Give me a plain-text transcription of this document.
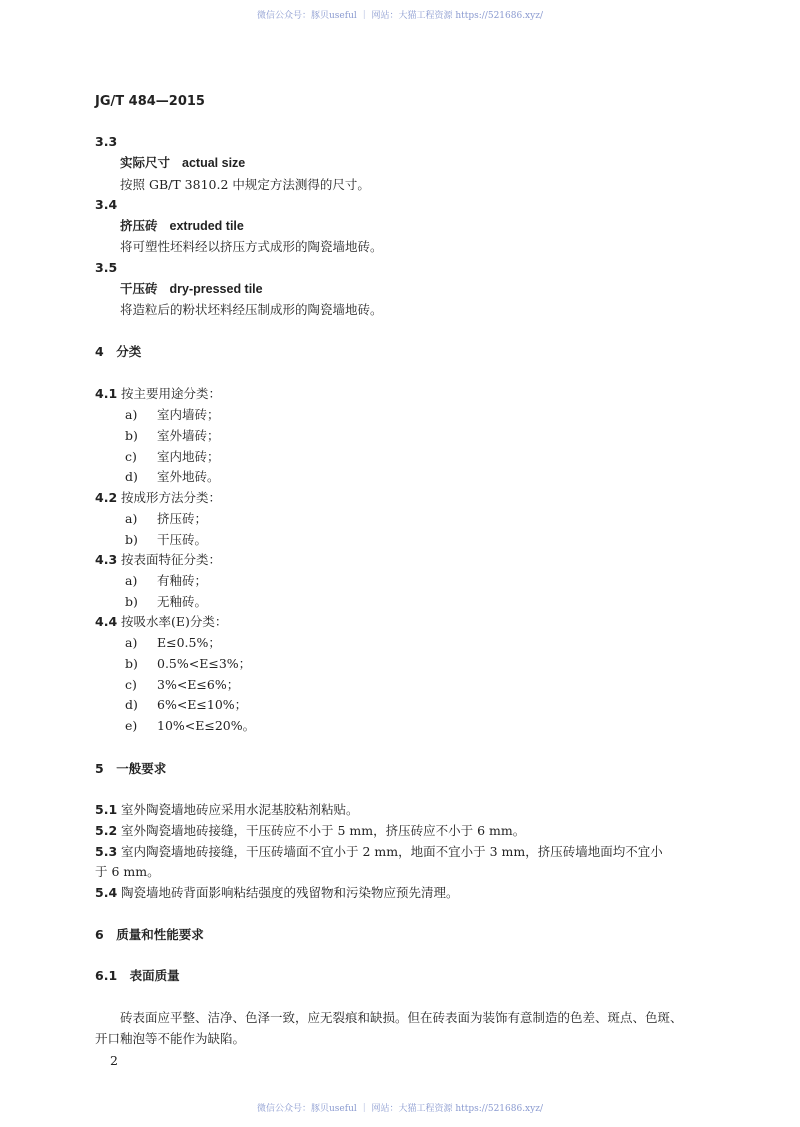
微信公众号：豚贝useful ｜ 网站：大猫工程资源 https://521686.xyz/
JG/T 484—2015
3.3
实际尺寸 actual size
按照 GB/T 3810.2 中规定方法测得的尺寸。
3.4
挤压砖 extruded tile
将可塑性坯料经以挤压方式成形的陶瓷墙地砖。
3.5
干压砖 dry-pressed tile
将造粒后的粉状坯料经压制成形的陶瓷墙地砖。
4　分类
4.1 按主要用途分类：
a) 室内墙砖；
b) 室外墙砖；
c) 室内地砖；
d) 室外地砖。
4.2 按成形方法分类：
a) 挤压砖；
b) 干压砖。
4.3 按表面特征分类：
a) 有釉砖；
b) 无釉砖。
4.4 按吸水率(E)分类：
a) E≤0.5%；
b) 0.5%<E≤3%；
c) 3%<E≤6%；
d) 6%<E≤10%；
e) 10%<E≤20%。
5　一般要求
5.1 室外陶瓷墙地砖应采用水泥基胶粘剂粘贴。
5.2 室外陶瓷墙地砖接缝，干压砖应不小于 5 mm，挤压砖应不小于 6 mm。
5.3 室内陶瓷墙地砖接缝，干压砖墙面不宜小于 2 mm，地面不宜小于 3 mm，挤压砖墙地面均不宜小
于 6 mm。
5.4 陶瓷墙地砖背面影响粘结强度的残留物和污染物应预先清理。
6　质量和性能要求
6.1　表面质量
砖表面应平整、洁净、色泽一致，应无裂痕和缺损。但在砖表面为装饰有意制造的色差、斑点、色斑、
开口釉泡等不能作为缺陷。
2
微信公众号：豚贝useful ｜ 网站：大猫工程资源 https://521686.xyz/
